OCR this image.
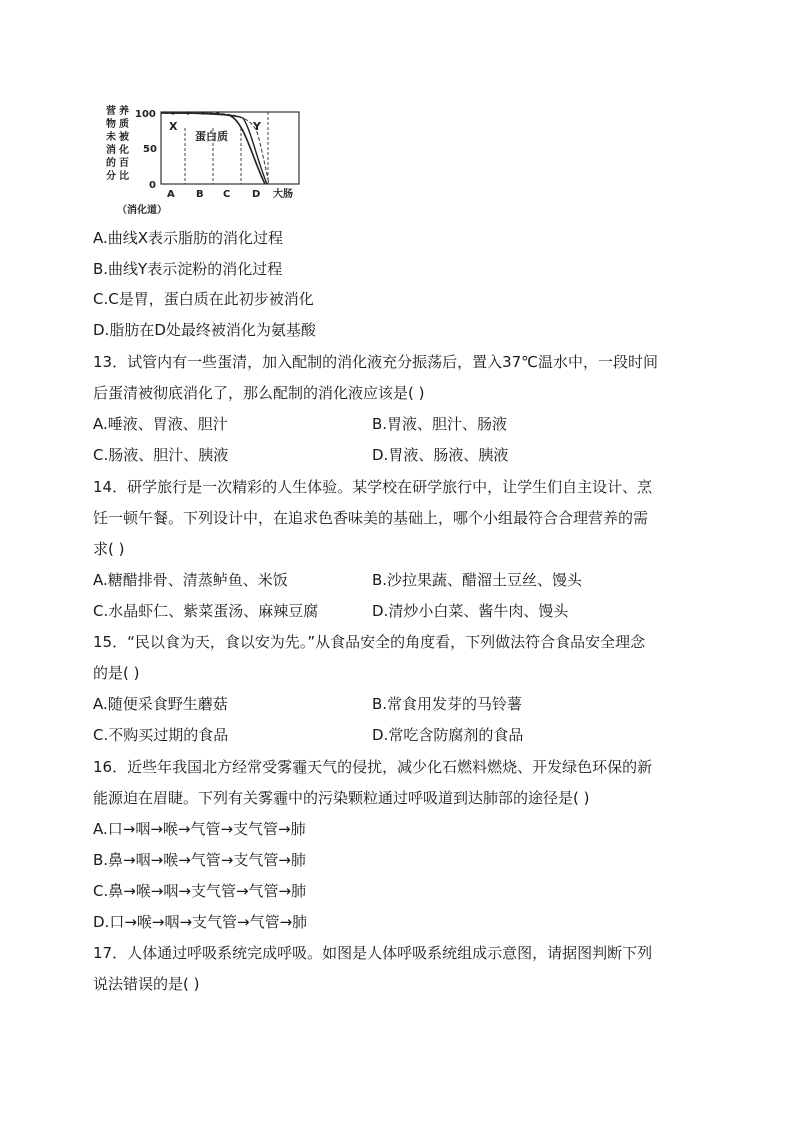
营 养
物 质
未 被
消 化
的 百
分 比
100
50
0
X	Y
蛋白质
A B C D 大肠
（消化道）
A.曲线X表示脂肪的消化过程
B.曲线Y表示淀粉的消化过程
C.C是胃，蛋白质在此初步被消化
D.脂肪在D处最终被消化为氨基酸
13．试管内有一些蛋清，加入配制的消化液充分振荡后，置入37℃温水中，一段时间
后蛋清被彻底消化了，那么配制的消化液应该是( )
A.唾液、胃液、胆汁	B.胃液、胆汁、肠液
C.肠液、胆汁、胰液	D.胃液、肠液、胰液
14．研学旅行是一次精彩的人生体验。某学校在研学旅行中，让学生们自主设计、烹
饪一顿午餐。下列设计中，在追求色香味美的基础上，哪个小组最符合合理营养的需
求( )
A.糖醋排骨、清蒸鲈鱼、米饭	B.沙拉果蔬、醋溜土豆丝、馒头
C.水晶虾仁、紫菜蛋汤、麻辣豆腐	D.清炒小白菜、酱牛肉、馒头
15．“民以食为天，食以安为先。”从食品安全的角度看，下列做法符合食品安全理念
的是( )
A.随便采食野生蘑菇	B.常食用发芽的马铃薯
C.不购买过期的食品	D.常吃含防腐剂的食品
16．近些年我国北方经常受雾霾天气的侵扰，减少化石燃料燃烧、开发绿色环保的新
能源迫在眉睫。下列有关雾霾中的污染颗粒通过呼吸道到达肺部的途径是( )
A.口→咽→喉→气管→支气管→肺
B.鼻→咽→喉→气管→支气管→肺
C.鼻→喉→咽→支气管→气管→肺
D.口→喉→咽→支气管→气管→肺
17．人体通过呼吸系统完成呼吸。如图是人体呼吸系统组成示意图，请据图判断下列
说法错误的是( )
